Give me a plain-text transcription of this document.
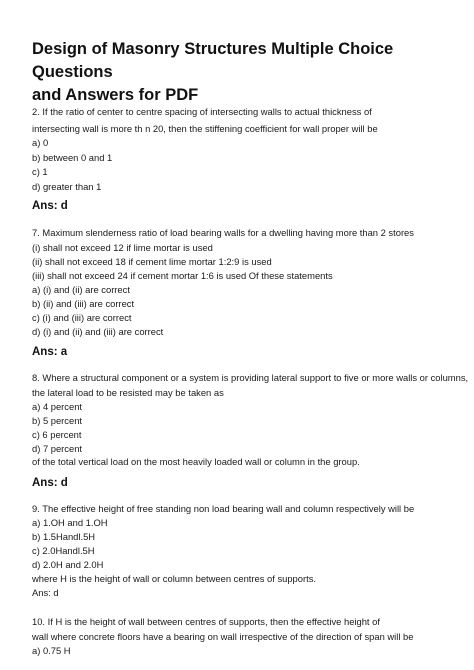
Design of Masonry Structures Multiple Choice Questions
and Answers for PDF
2. If the ratio of center to centre spacing of intersecting walls to actual thickness of
intersecting wall is more th n 20, then the stiffening coefficient for wall proper will be
a) 0
b) between 0 and 1
c) 1
d) greater than 1
Ans: d
7. Maximum slenderness ratio of load bearing walls for a dwelling having more than 2 stores
(i) shall not exceed 12 if lime mortar is used
(ii) shall not exceed 18 if cement lime mortar 1:2:9 is used
(iii) shall not exceed 24 if cement mortar 1:6 is used Of these statements
a) (i) and (ii) are correct
b) (ii) and (iii) are correct
c) (i) and (iii) are correct
d) (i) and (ii) and (iii) are correct
Ans: a
8. Where a structural component or a system is providing lateral support to five or more walls or columns,
the lateral load to be resisted may be taken as
a) 4 percent
b) 5 percent
c) 6 percent
d) 7 percent
of the total vertical load on the most heavily loaded wall or column in the group.
Ans: d
9. The effective height of free standing non load bearing wall and column respectively will be
a) 1.OH and 1.OH
b) 1.5Handl.5H
c) 2.0Handl.5H
d) 2.0H and 2.0H
where H is the height of wall or column between centres of supports.
Ans: d
10. If H is the height of wall between centres of supports, then the effective height of
wall where concrete floors have a bearing on wall irrespective of the direction of span will be
a) 0.75 H
